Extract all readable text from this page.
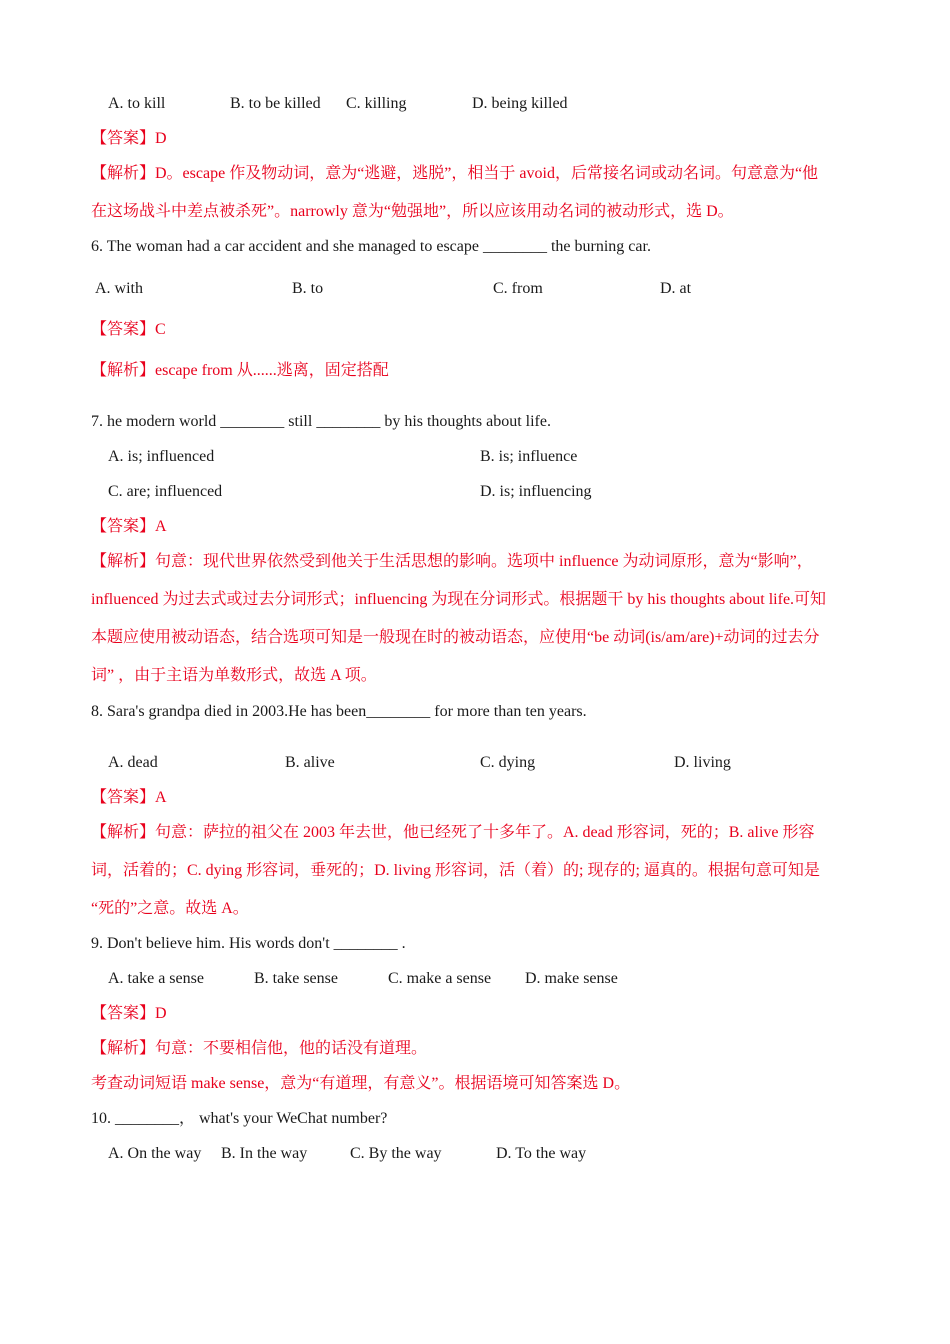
A. to kill	B. to be killed C. killing	D. being killed
【答案】D
【解析】D。escape 作及物动词，意为“逃避，逃脱”，相当于 avoid，后常接名词或动名词。句意意为“他
在这场战斗中差点被杀死”。narrowly 意为“勉强地”，所以应该用动名词的被动形式，选 D。
6. The woman had a car accident and she managed to escape ________ the burning car.
A. with	B. to	C. from	D. at
【答案】C
【解析】escape from 从......逃离，固定搭配
7. he modern world ________ still ________ by his thoughts about life.
A. is; influenced	B. is; influence
C. are; influenced	D. is; influencing
【答案】A
【解析】句意：现代世界依然受到他关于生活思想的影响。选项中 influence 为动词原形，意为“影响”，
influenced 为过去式或过去分词形式；influencing 为现在分词形式。根据题干 by his thoughts about life.可知
本题应使用被动语态，结合选项可知是一般现在时的被动语态，应使用“be 动词(is/am/are)+动词的过去分
词” ，由于主语为单数形式，故选 A 项。
8. Sara's grandpa died in 2003.He has been________ for more than ten years.
A. dead	B. alive	C. dying	D. living
【答案】A
【解析】句意：萨拉的祖父在 2003 年去世，他已经死了十多年了。A. dead 形容词，死的；B. alive 形容
词，活着的；C. dying 形容词，垂死的；D. living 形容词，活（着）的; 现存的; 逼真的。根据句意可知是
“死的”之意。故选 A。
9. Don't believe him. His words don't ________ .
A. take a sense	B. take sense	C. make a sense D. make sense
【答案】D
【解析】句意：不要相信他，他的话没有道理。
考查动词短语 make sense，意为“有道理，有意义”。根据语境可知答案选 D。
10. ________， what's your WeChat number?
A. On the way B. In the way	C. By the way	D. To the way
